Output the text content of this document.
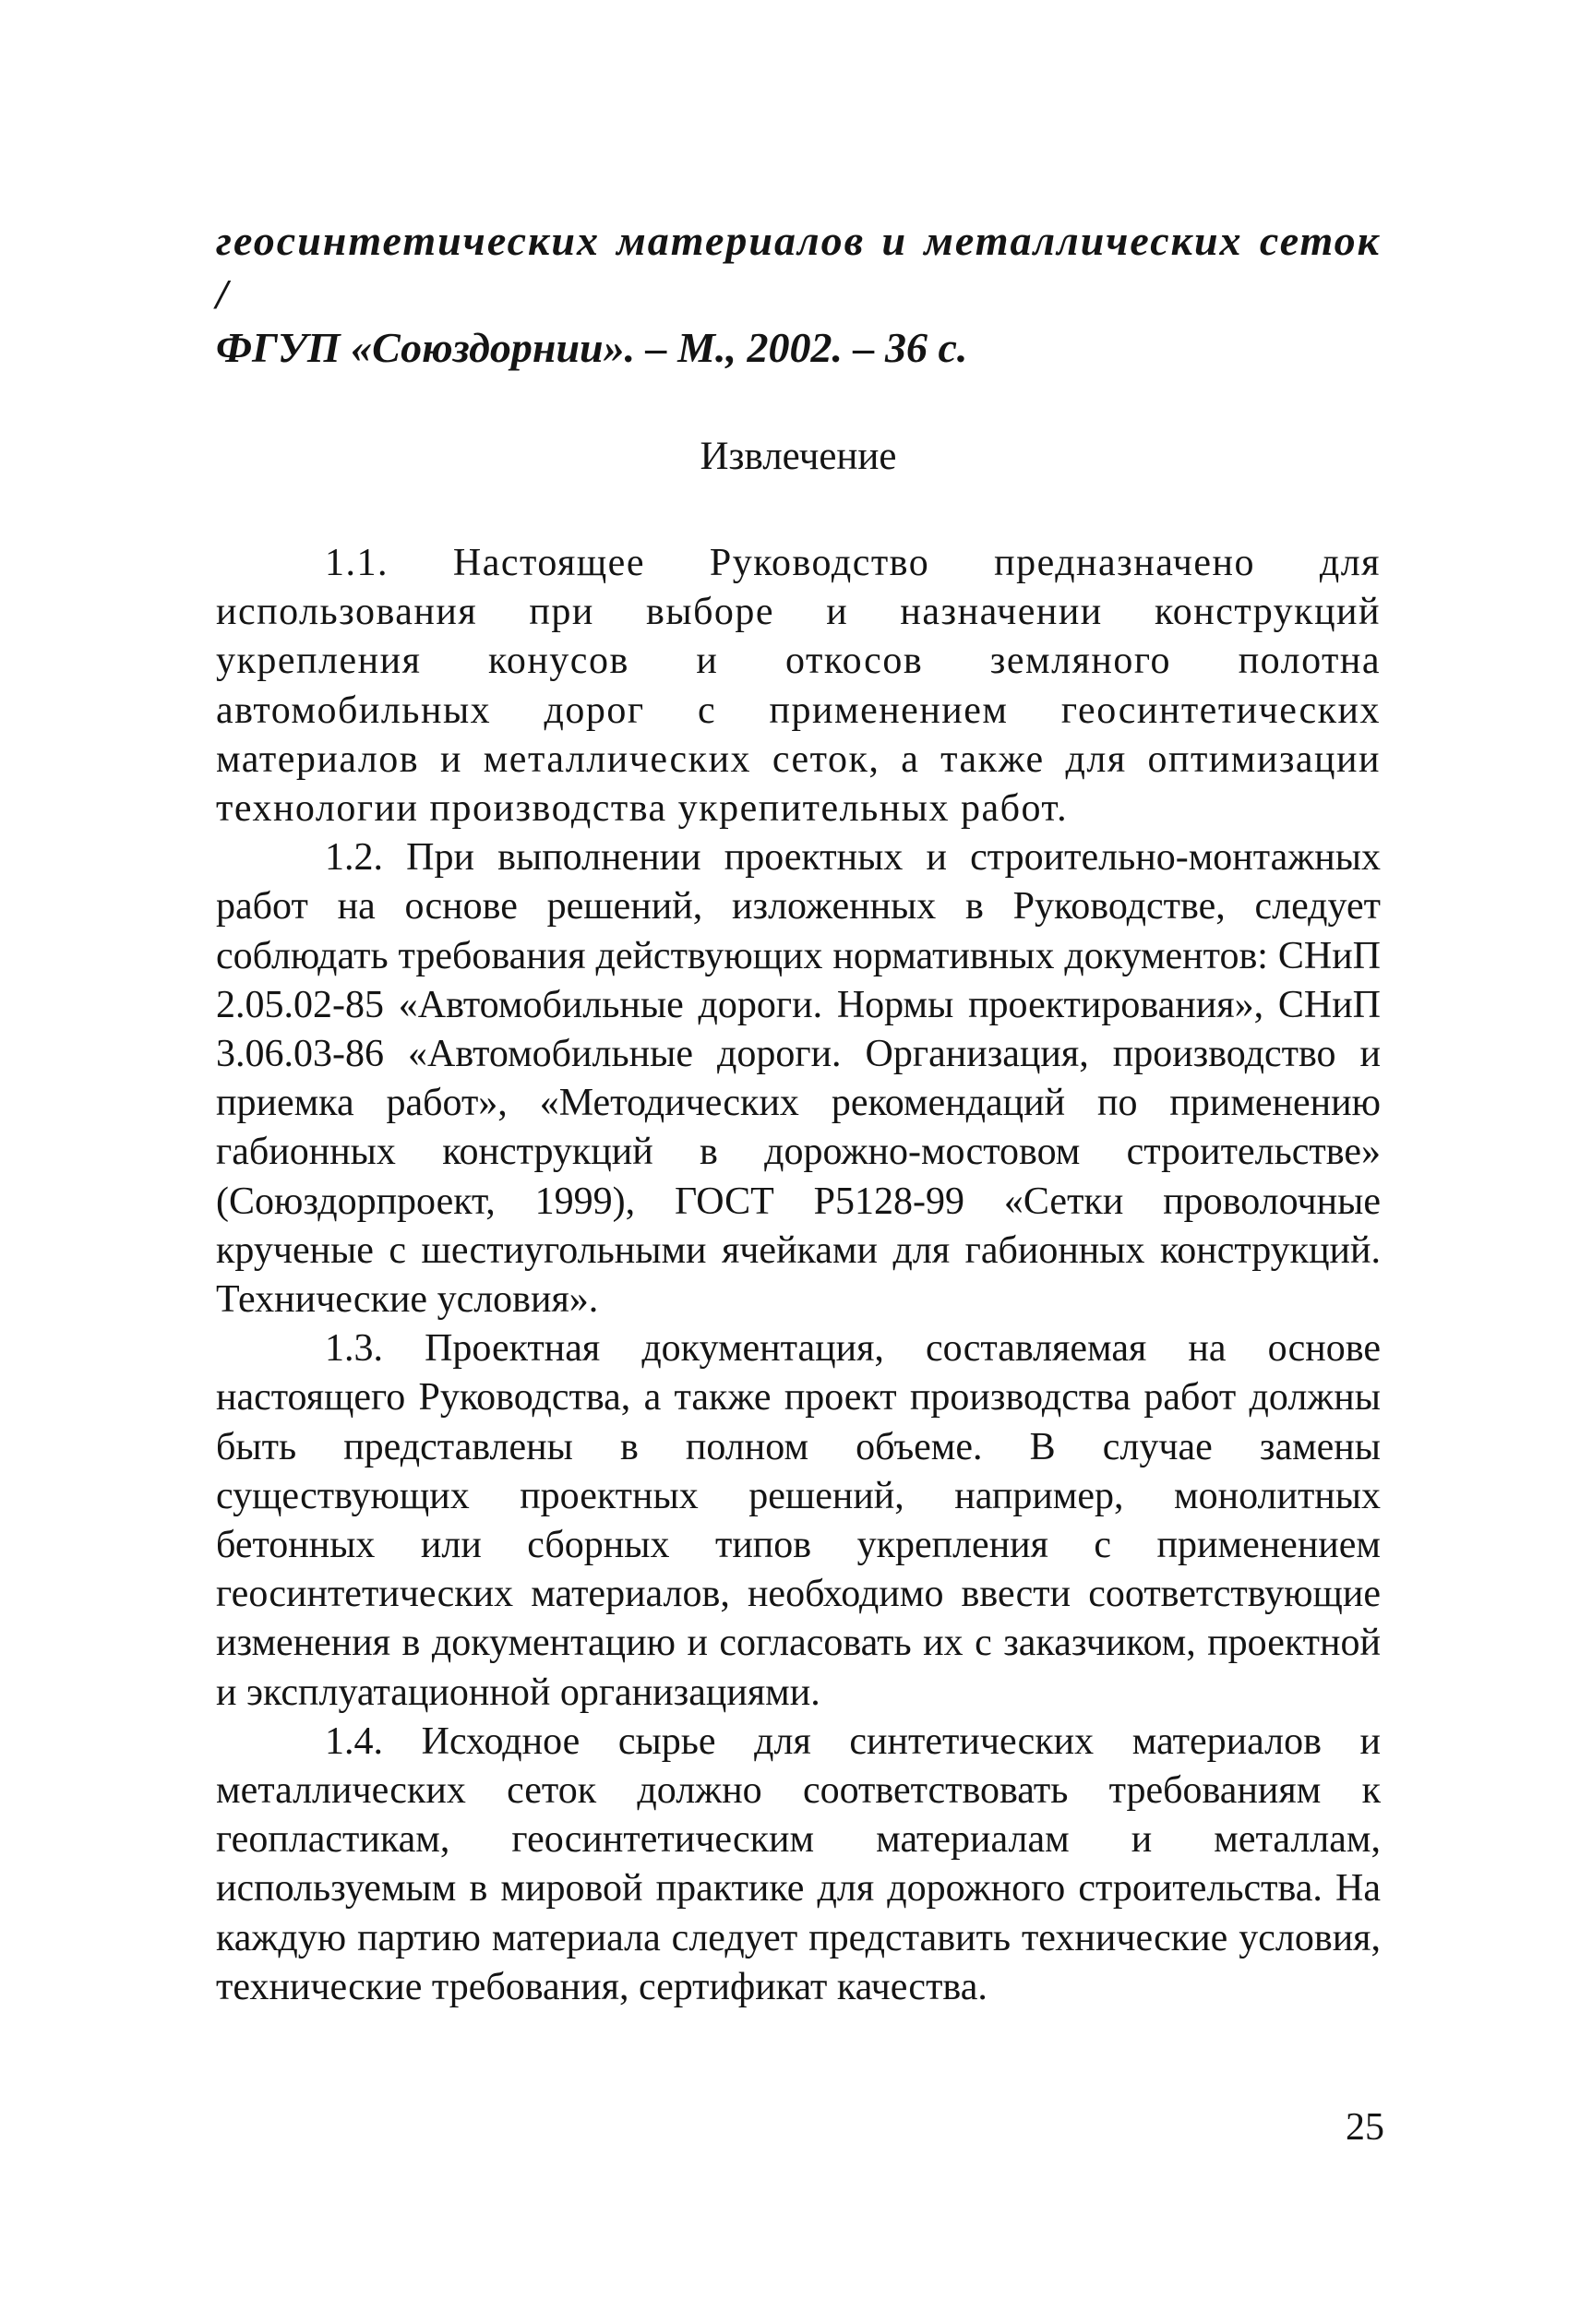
геосинтетических материалов и металлических сеток /
ФГУП «Союздорнии». – М., 2002. – 36 с.

Извлечение

1.1. Настоящее Руководство предназначено для использования при выборе и назначении конструкций укрепления конусов и откосов земляного полотна автомобильных дорог с применением геосинтетических материалов и металлических сеток, а также для оптимизации технологии производства укрепительных работ.

1.2. При выполнении проектных и строительно-монтажных работ на основе решений, изложенных в Руководстве, следует соблюдать требования действующих нормативных документов: СНиП 2.05.02-85 «Автомобильные дороги. Нормы проектирования», СНиП 3.06.03-86 «Автомобильные дороги. Организация, производство и приемка работ», «Методических рекомендаций по применению габионных конструкций в дорожно-мостовом строительстве» (Союздорпроект, 1999), ГОСТ Р5128-99 «Сетки проволочные крученые с шестиугольными ячейками для габионных конструкций. Технические условия».

1.3. Проектная документация, составляемая на основе настоящего Руководства, а также проект производства работ должны быть представлены в полном объеме. В случае замены существующих проектных решений, например, монолитных бетонных или сборных типов укрепления с применением геосинтетических материалов, необходимо ввести соответствующие изменения в документацию и согласовать их с заказчиком, проектной и эксплуатационной организациями.

1.4. Исходное сырье для синтетических материалов и металлических сеток должно соответствовать требованиям к геопластикам, геосинтетическим материалам и металлам, используемым в мировой практике для дорожного строительства. На каждую партию материала следует представить технические условия, технические требования, сертификат качества.

25
